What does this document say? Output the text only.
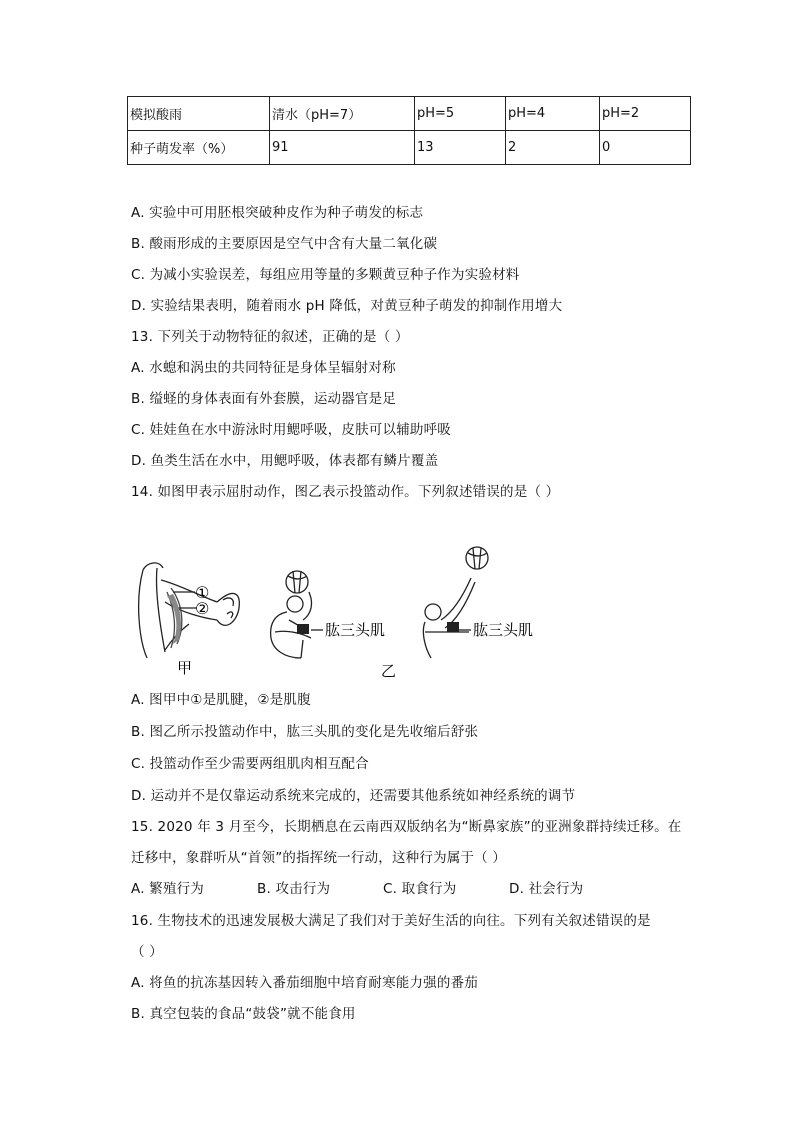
模拟酸雨	清水（pH=7）	pH=5	pH=4	pH=2
种子萌发率（%）	91	13	2	0
A. 实验中可用胚根突破种皮作为种子萌发的标志
B. 酸雨形成的主要原因是空气中含有大量二氧化碳
C. 为减小实验误差，每组应用等量的多颗黄豆种子作为实验材料
D. 实验结果表明，随着雨水 pH 降低，对黄豆种子萌发的抑制作用增大
13. 下列关于动物特征的叙述，正确的是（ ）
A. 水螅和涡虫的共同特征是身体呈辐射对称
B. 缢蛏的身体表面有外套膜，运动器官是足
C. 娃娃鱼在水中游泳时用鳃呼吸，皮肤可以辅助呼吸
D. 鱼类生活在水中，用鳃呼吸，体表都有鳞片覆盖
14. 如图甲表示屈肘动作，图乙表示投篮动作。下列叙述错误的是（ ）
①
②
肱三头肌	肱三头肌
甲	乙
A. 图甲中①是肌腱，②是肌腹
B. 图乙所示投篮动作中，肱三头肌的变化是先收缩后舒张
C. 投篮动作至少需要两组肌肉相互配合
D. 运动并不是仅靠运动系统来完成的，还需要其他系统如神经系统的调节
15. 2020 年 3 月至今，长期栖息在云南西双版纳名为“断鼻家族”的亚洲象群持续迁移。在
迁移中，象群听从“首领”的指挥统一行动，这种行为属于（ ）
A. 繁殖行为	B. 攻击行为	C. 取食行为	D. 社会行为
16. 生物技术的迅速发展极大满足了我们对于美好生活的向往。下列有关叙述错误的是
（ ）
A. 将鱼的抗冻基因转入番茄细胞中培育耐寒能力强的番茄
B. 真空包装的食品“鼓袋”就不能食用
